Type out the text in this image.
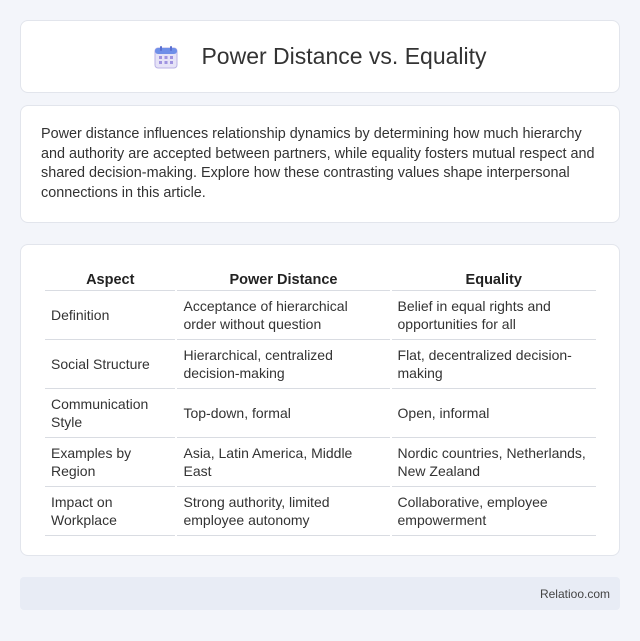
Power Distance vs. Equality

Power distance influences relationship dynamics by determining how much hierarchy and authority are accepted between partners, while equality fosters mutual respect and shared decision-making. Explore how these contrasting values shape interpersonal connections in this article.

Aspect	Power Distance	Equality
Definition	Acceptance of hierarchical order without question	Belief in equal rights and opportunities for all
Social Structure	Hierarchical, centralized decision-making	Flat, decentralized decision-making
Communication Style	Top-down, formal	Open, informal
Examples by Region	Asia, Latin America, Middle East	Nordic countries, Netherlands, New Zealand
Impact on Workplace	Strong authority, limited employee autonomy	Collaborative, employee empowerment
Relatioo.com
